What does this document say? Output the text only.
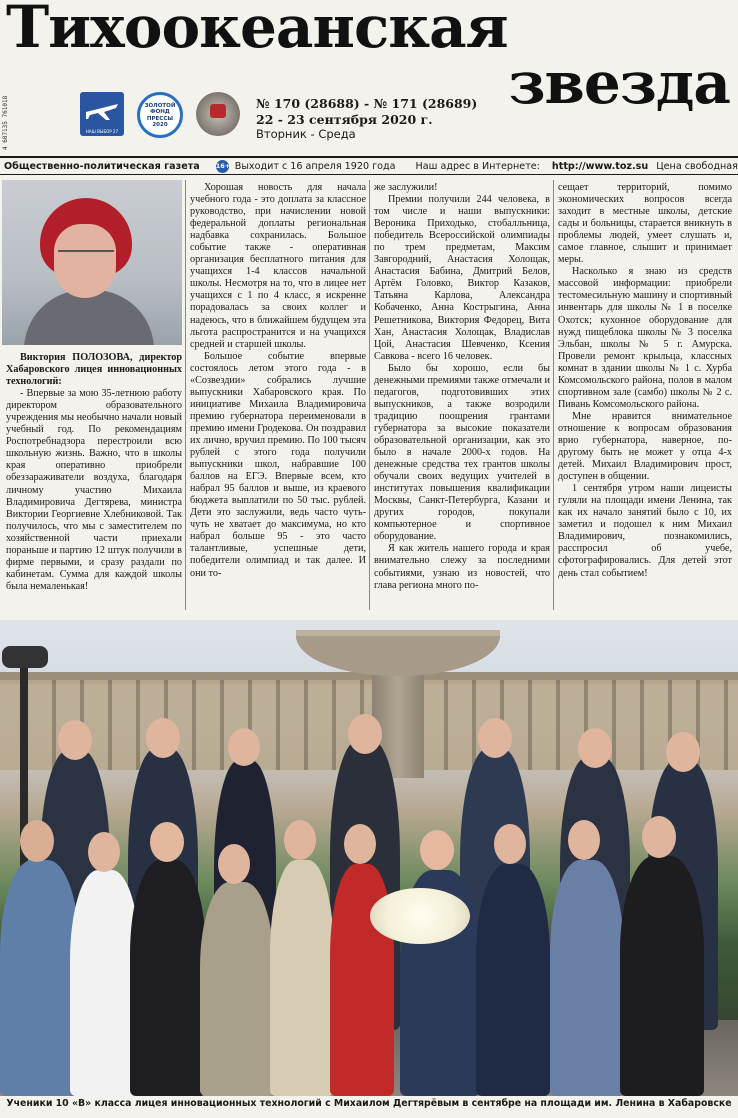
4 607135 761018
Тихоокеанская
звезда
НАШ ВЫБОР 27
ЗОЛОТОЙ ФОНД ПРЕССЫ 2020
№ 170 (28688) - № 171 (28689)
22 - 23 сентября 2020 г.
Вторник - Среда
Общественно-политическая газета 16+ Выходит с 16 апреля 1920 года Наш адрес в Интернете: http://www.toz.su Цена свободная

Виктория ПОЛОЗОВА, директор Хабаровского лицея инновационных технологий:

- Впервые за мою 35-летнюю работу директором образовательного учреждения мы необычно начали новый учебный год. По рекомендациям Роспотребнадзора перестроили всю школьную жизнь. Важно, что в школы края оперативно приобрели обеззараживатели воздуха, благодаря личному участию Михаила Владимировича Дегтярева, министра Виктории Георгиевне Хлебниковой. Так получилось, что мы с заместителем по хозяйственной части приехали пораньше и партию 12 штук получили в фирме первыми, и сразу раздали по кабинетам. Сумма для каждой школы была немаленькая!

Хорошая новость для начала учебного года - это доплата за классное руководство, при начислении новой федеральной доплаты региональная надбавка сохранилась. Большое событие также - оперативная организация бесплатного питания для учащихся 1-4 классов начальной школы. Несмотря на то, что в лицее нет учащихся с 1 по 4 класс, я искренне порадовалась за своих коллег и надеюсь, что в ближайшем будущем эта льгота распространится и на учащихся средней и старшей школы.

Большое событие впервые состоялось летом этого года - в «Созвездии» собрались лучшие выпускники Хабаровского края. По инициативе Михаила Владимировича премию губернатора переименовали в премию имени Гродекова. Он поздравил их лично, вручил премию. По 100 тысяч рублей с этого года получили выпускники школ, набравшие 100 баллов на ЕГЭ. Впервые всем, кто набрал 95 баллов и выше, из краевого бюджета выплатили по 50 тыс. рублей. Дети это заслужили, ведь часто чуть-чуть не хватает до максимума, но кто набрал больше 95 - это часто талантливые, успешные дети, победители олимпиад и так далее. И они то-

же заслужили!

Премии получили 244 человека, в том числе и наши выпускники: Вероника Приходько, стобалльница, победитель Всероссийской олимпиады по трем предметам, Максим Завгородний, Анастасия Холощак, Анастасия Бабина, Дмитрий Белов, Артём Головко, Виктор Казаков, Татьяна Карлова, Александра Кобаченко, Анна Кострыгина, Анна Решетникова, Виктория Федорец, Вита Хан, Анастасия Холощак, Владислав Цой, Анастасия Шевченко, Ксения Савкова - всего 16 человек.

Было бы хорошо, если бы денежными премиями также отмечали и педагогов, подготовивших этих выпускников, а также возродили традицию поощрения грантами губернатора за высокие показатели образовательной организации, как это было в начале 2000-х годов. На денежные средства тех грантов школы обучали своих ведущих учителей в институтах повышения квалификации Москвы, Санкт-Петербурга, Казани и других городов, покупали компьютерное и спортивное оборудование.

Я как житель нашего города и края внимательно слежу за последними событиями, узнаю из новостей, что глава региона много по-

сещает территорий, помимо экономических вопросов всегда заходит в местные школы, детские сады и больницы, старается вникнуть в проблемы людей, умеет слушать и, самое главное, слышит и принимает меры.

Насколько я знаю из средств массовой информации: приобрели тестомесильную машину и спортивный инвентарь для школы № 1 в поселке Охотск; кухонное оборудование для нужд пищеблока школы № 3 поселка Эльбан, школы № 5 г. Амурска. Провели ремонт крыльца, классных комнат в здании школы № 1 с. Хурба Комсомольского района, полов в малом спортивном зале (самбо) школы № 2 с. Пивань Комсомольского района.

Мне нравится внимательное отношение к вопросам образования врио губернатора, наверное, по-другому быть не может у отца 4-х детей. Михаил Владимирович прост, доступен в общении.

1 сентября утром наши лицеисты гуляли на площади имени Ленина, так как их начало занятий было с 10, их заметил и подошел к ним Михаил Владимирович, познакомились, расспросил об учебе, сфотографировались. Для детей этот день стал событием!

Ученики 10 «В» класса лицея инновационных технологий с Михаилом Дегтярёвым в сентябре на площади им. Ленина в Хабаровске
